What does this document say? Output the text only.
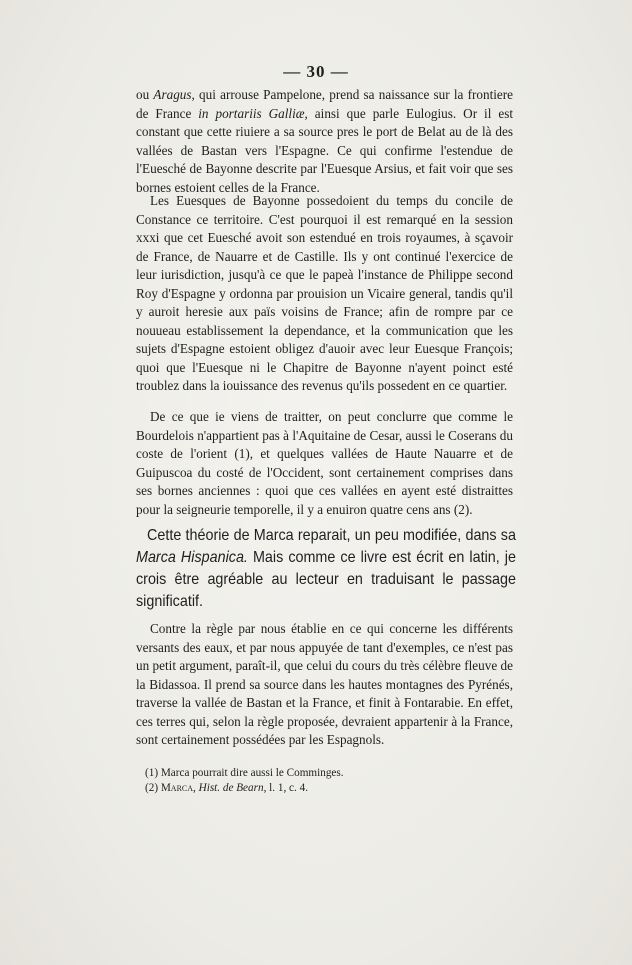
— 30 —

ou Aragus, qui arrouse Pampelone, prend sa naissance sur la frontiere de France in portariis Galliæ, ainsi que parle Eulogius. Or il est constant que cette riuiere a sa source pres le port de Belat au de là des vallées de Bastan vers l'Espagne. Ce qui confirme l'estendue de l'Euesché de Bayonne descrite par l'Euesque Arsius, et fait voir que ses bornes estoient celles de la France.

Les Euesques de Bayonne possedoient du temps du concile de Constance ce territoire. C'est pourquoi il est remarqué en la session xxxi que cet Euesché avoit son estendué en trois royaumes, à sçavoir de France, de Nauarre et de Castille. Ils y ont continué l'exercice de leur iurisdiction, jusqu'à ce que le papeà l'instance de Philippe second Roy d'Espagne y ordonna par prouision un Vicaire general, tandis qu'il y auroit heresie aux païs voisins de France; afin de rompre par ce nouueau establissement la dependance, et la communication que les sujets d'Espagne estoient obligez d'auoir avec leur Euesque François; quoi que l'Euesque ni le Chapitre de Bayonne n'ayent poinct esté troublez dans la iouissance des revenus qu'ils possedent en ce quartier.

De ce que ie viens de traitter, on peut conclurre que comme le Bourdelois n'appartient pas à l'Aquitaine de Cesar, aussi le Coserans du coste de l'orient (1), et quelques vallées de Haute Nauarre et de Guipuscoa du costé de l'Occident, sont certainement comprises dans ses bornes anciennes : quoi que ces vallées en ayent esté distraittes pour la seigneurie temporelle, il y a enuiron quatre cens ans (2).

Cette théorie de Marca reparait, un peu modifiée, dans sa Marca Hispanica. Mais comme ce livre est écrit en latin, je crois être agréable au lecteur en traduisant le passage significatif.

Contre la règle par nous établie en ce qui concerne les différents versants des eaux, et par nous appuyée de tant d'exemples, ce n'est pas un petit argument, paraît-il, que celui du cours du très célèbre fleuve de la Bidassoa. Il prend sa source dans les hautes montagnes des Pyrénés, traverse la vallée de Bastan et la France, et finit à Fontarabie. En effet, ces terres qui, selon la règle proposée, devraient appartenir à la France, sont certainement possédées par les Espagnols.

(1) Marca pourrait dire aussi le Comminges.
(2) Marca, Hist. de Bearn, l. 1, c. 4.
